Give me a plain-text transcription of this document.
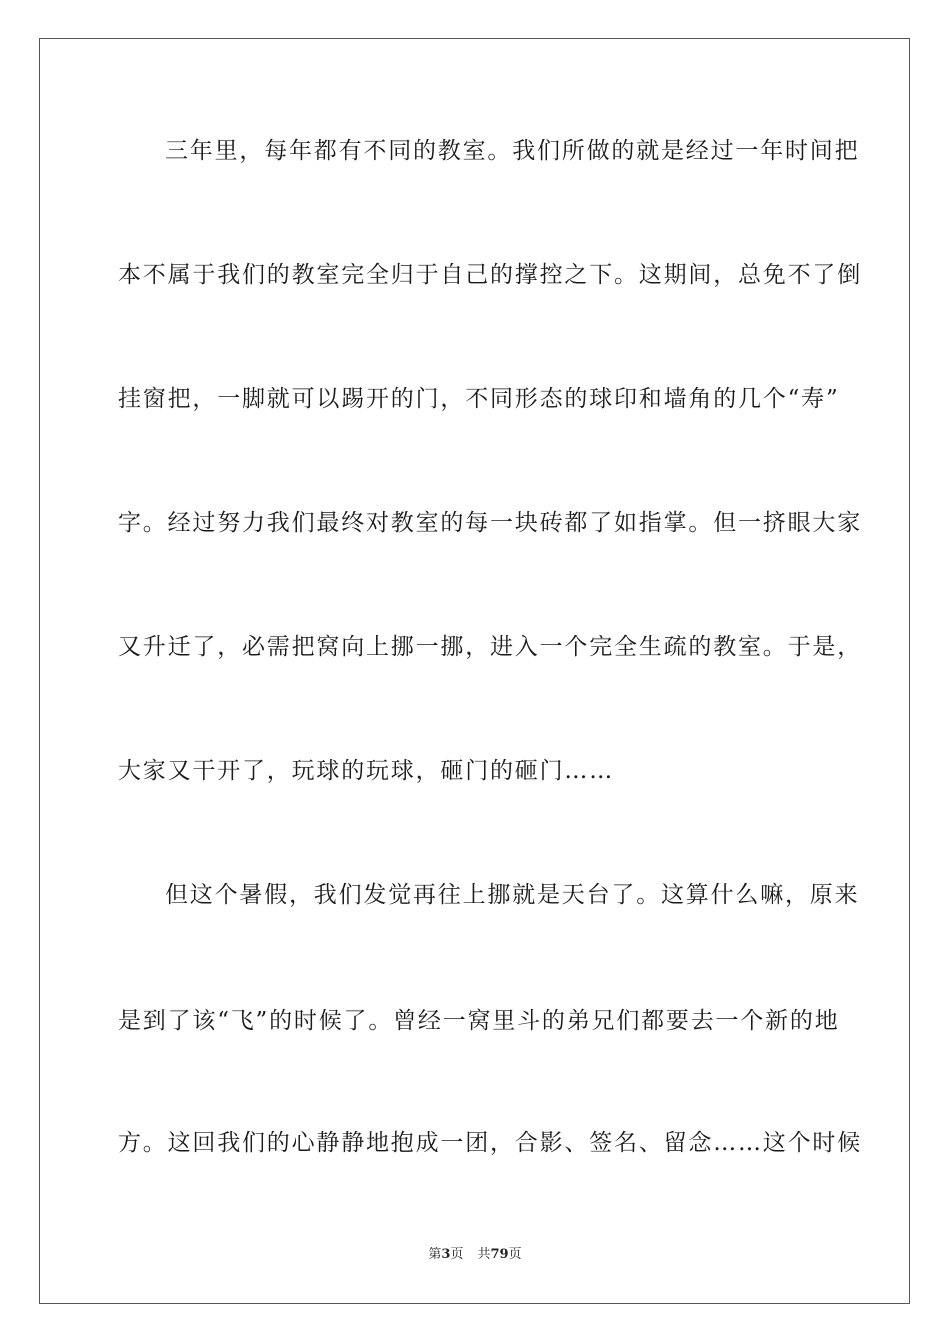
三年里，每年都有不同的教室。我们所做的就是经过一年时间把
本不属于我们的教室完全归于自己的撑控之下。这期间，总免不了倒
挂窗把，一脚就可以踢开的门，不同形态的球印和墙角的几个“寿”
字。经过努力我们最终对教室的每一块砖都了如指掌。但一挤眼大家
又升迁了，必需把窝向上挪一挪，进入一个完全生疏的教室。于是，
大家又干开了，玩球的玩球，砸门的砸门……
但这个暑假，我们发觉再往上挪就是天台了。这算什么嘛，原来
是到了该“飞”的时候了。曾经一窝里斗的弟兄们都要去一个新的地
方。这回我们的心静静地抱成一团，合影、签名、留念……这个时候
第3页 共79页
